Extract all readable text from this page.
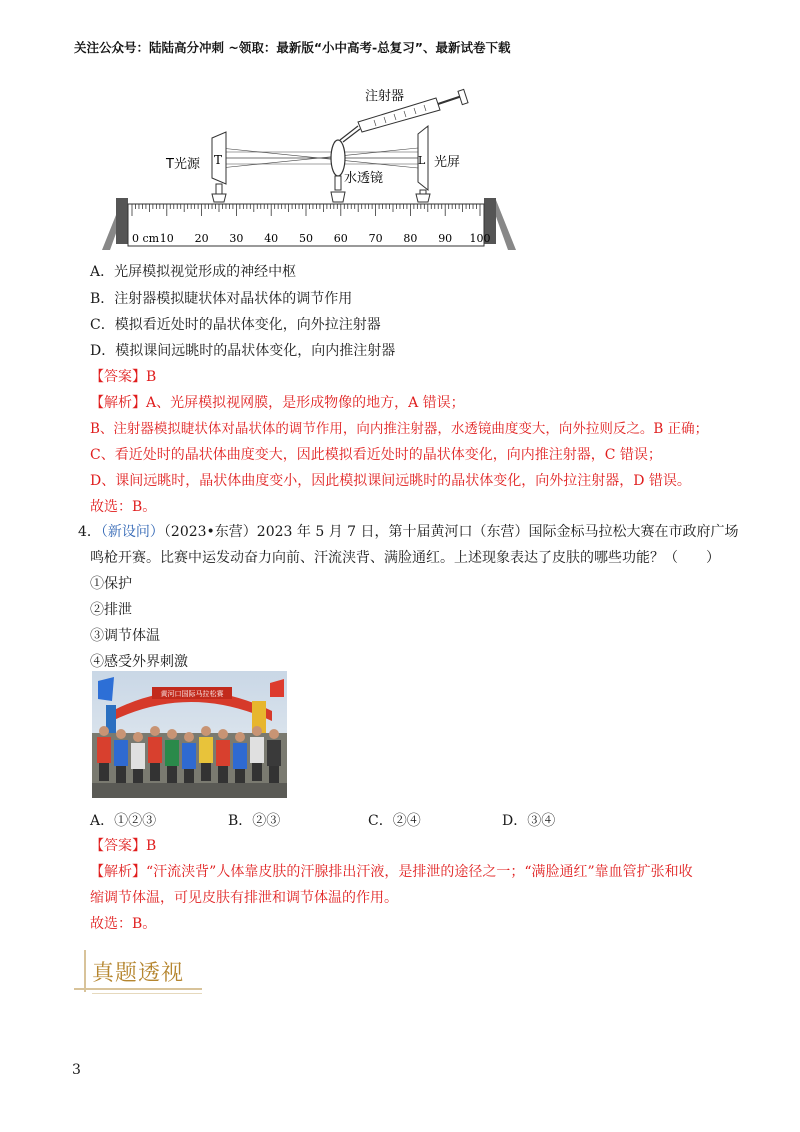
关注公众号：陆陆高分冲刺 ~领取：最新版“小中高考-总复习”、最新试卷下载
0 cm 10 20 30 40 50 60 70 80 90 100
T	L
注射器
T光源
水透镜
光屏
A．光屏模拟视觉形成的神经中枢
B．注射器模拟睫状体对晶状体的调节作用
C．模拟看近处时的晶状体变化，向外拉注射器
D．模拟课间远眺时的晶状体变化，向内推注射器
【答案】B
【解析】A、光屏模拟视网膜，是形成物像的地方，A 错误；
B、注射器模拟睫状体对晶状体的调节作用，向内推注射器，水透镜曲度变大，向外拉则反之。B 正确；
C、看近处时的晶状体曲度变大，因此模拟看近处时的晶状体变化，向内推注射器，C 错误；
D、课间远眺时，晶状体曲度变小，因此模拟课间远眺时的晶状体变化，向外拉注射器，D 错误。
故选：B。
4．（新设问）（2023•东营）2023 年 5 月 7 日，第十届黄河口（东营）国际金标马拉松大赛在市政府广场
鸣枪开赛。比赛中运发动奋力向前、汗流浃背、满脸通红。上述现象表达了皮肤的哪些功能？（　　）
①保护
②排泄
③调节体温
④感受外界刺激
黄河口国际马拉松赛
A．①②③	B．②③	C．②④	D．③④
【答案】B
【解析】“汗流浃背”人体靠皮肤的汗腺排出汗液，是排泄的途径之一；“满脸通红”靠血管扩张和收
缩调节体温，可见皮肤有排泄和调节体温的作用。
故选：B。
真题透视
3
